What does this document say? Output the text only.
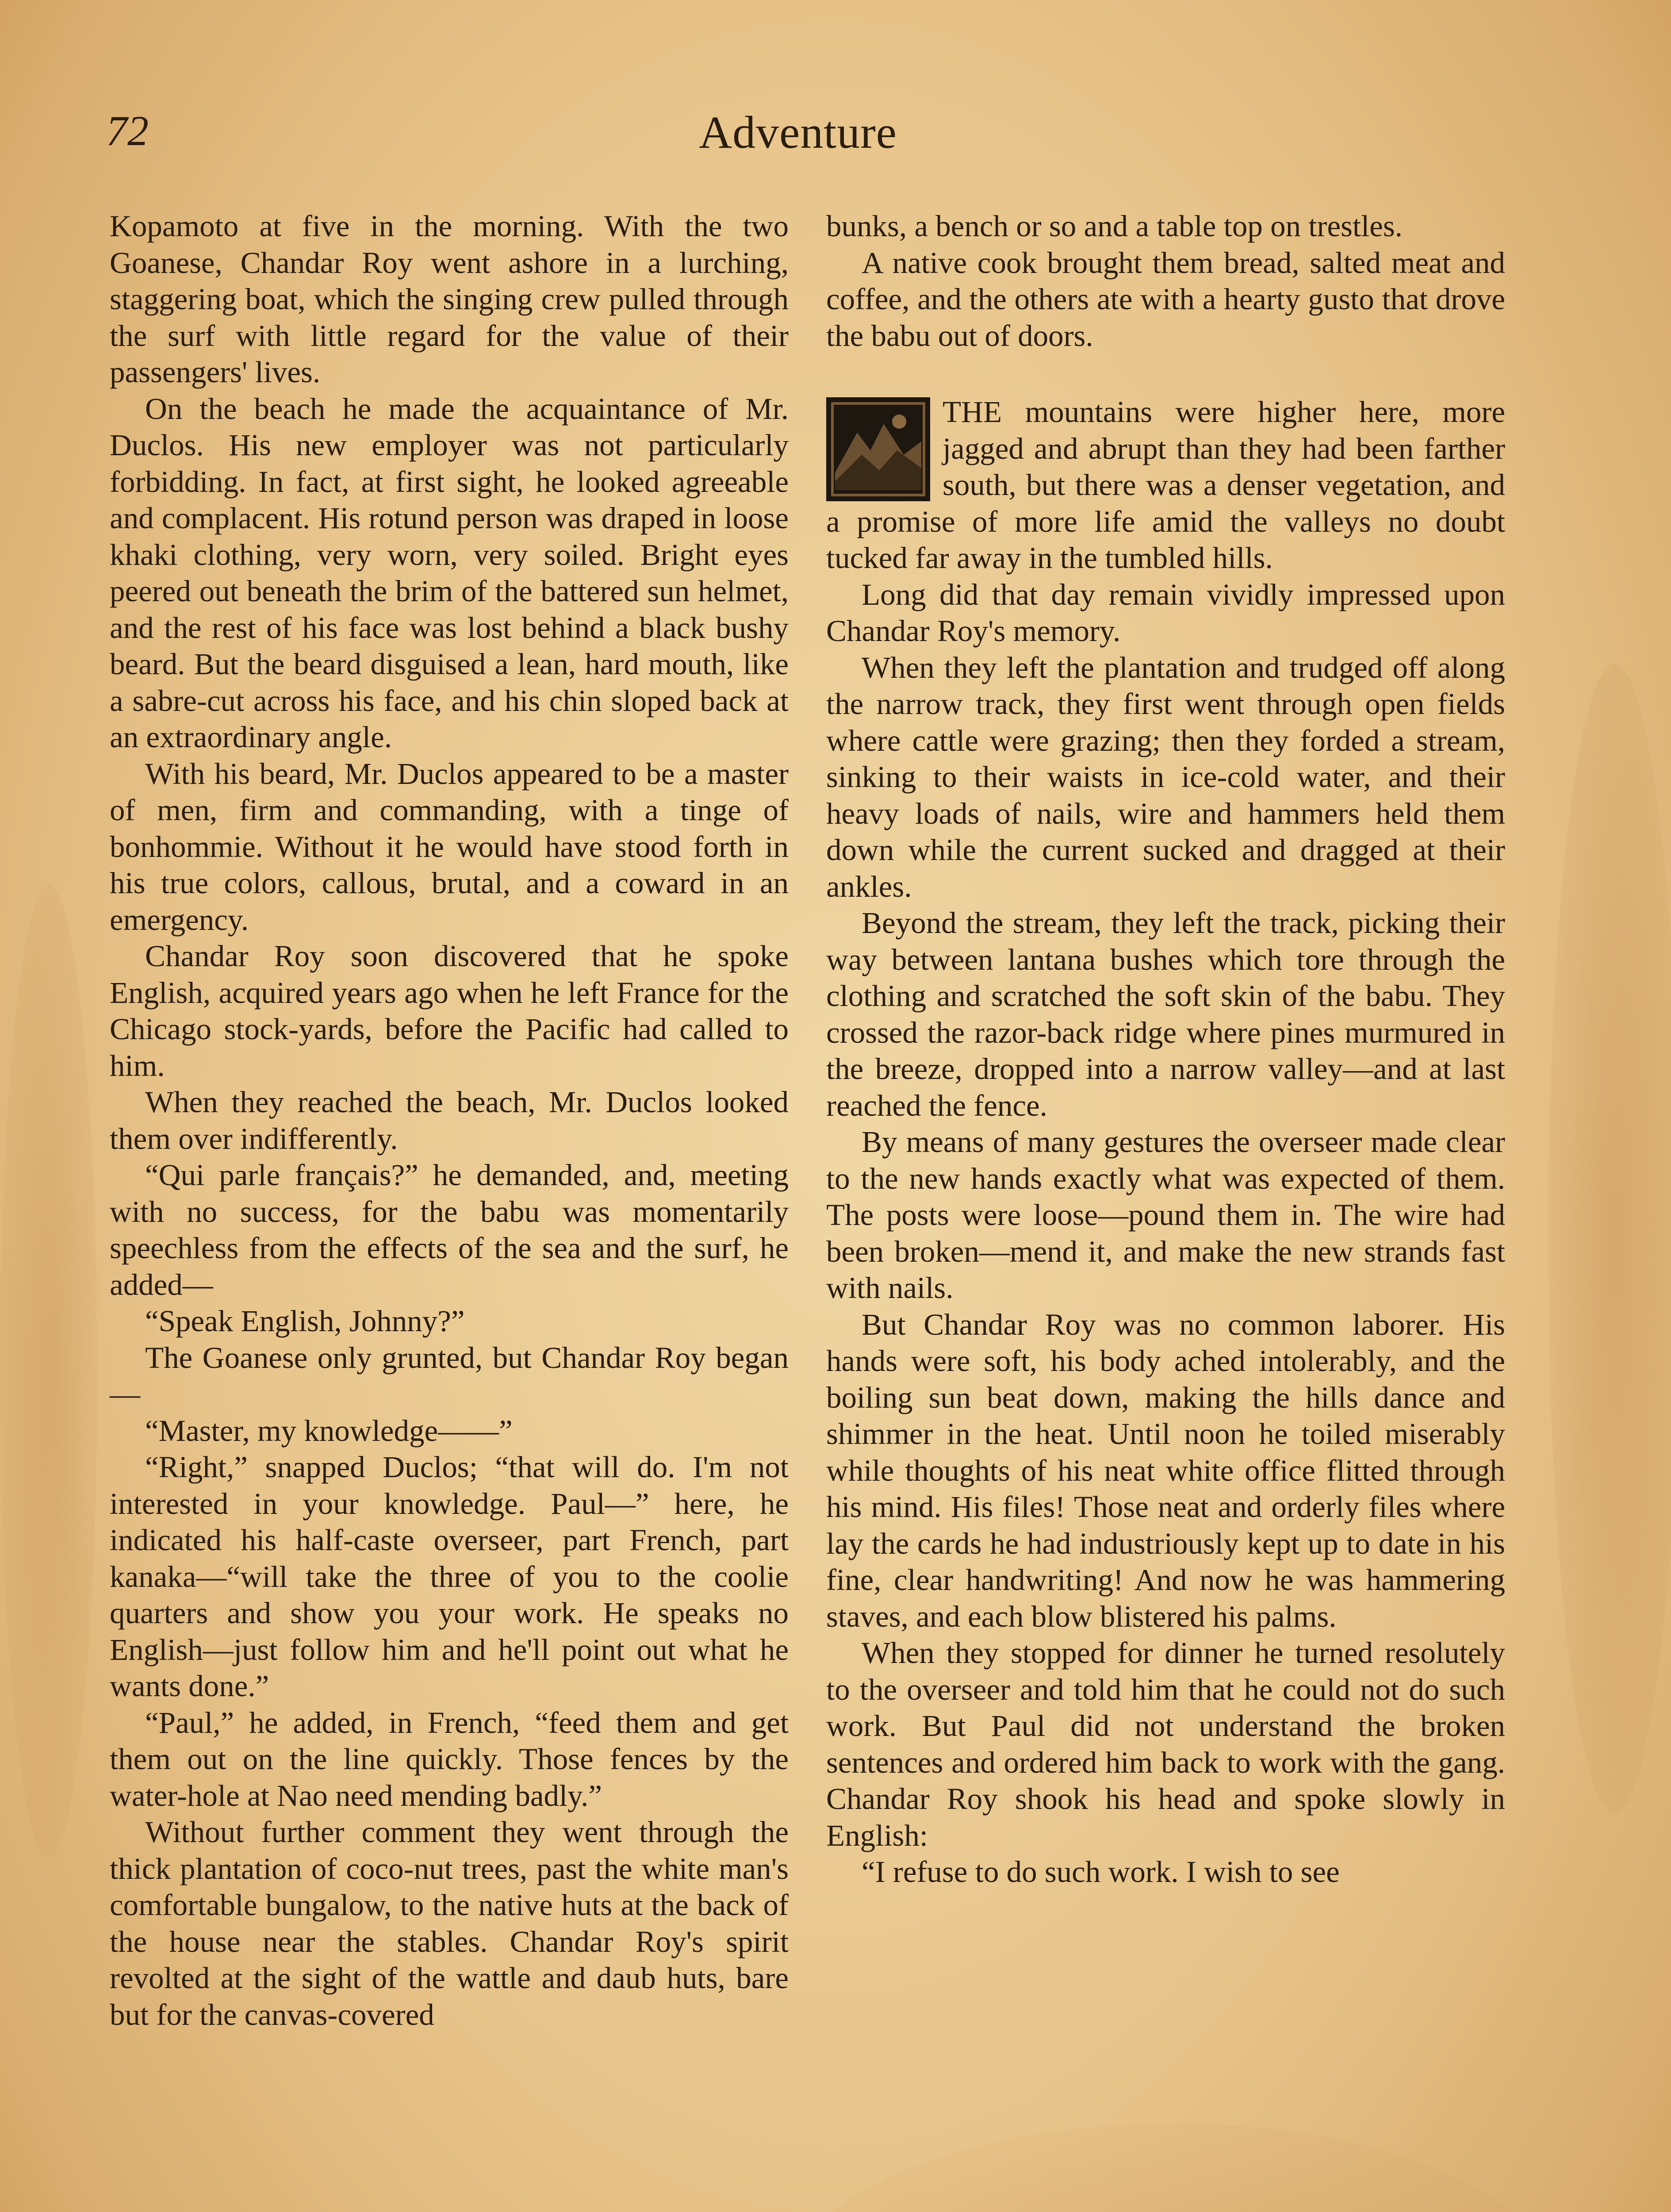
72	Adventure

Kopamoto at five in the morning. With the two Goanese, Chandar Roy went ashore in a lurching, staggering boat, which the singing crew pulled through the surf with little regard for the value of their passengers' lives.

On the beach he made the acquaintance of Mr. Duclos. His new employer was not particularly forbidding. In fact, at first sight, he looked agreeable and complacent. His rotund person was draped in loose khaki clothing, very worn, very soiled. Bright eyes peered out beneath the brim of the battered sun helmet, and the rest of his face was lost behind a black bushy beard. But the beard disguised a lean, hard mouth, like a sabre-cut across his face, and his chin sloped back at an extraordinary angle.

With his beard, Mr. Duclos appeared to be a master of men, firm and commanding, with a tinge of bonhommie. Without it he would have stood forth in his true colors, callous, brutal, and a coward in an emergency.

Chandar Roy soon discovered that he spoke English, acquired years ago when he left France for the Chicago stock-yards, before the Pacific had called to him.

When they reached the beach, Mr. Duclos looked them over indifferently.

“Qui parle français?” he demanded, and, meeting with no success, for the babu was momentarily speechless from the effects of the sea and the surf, he added—

“Speak English, Johnny?”

The Goanese only grunted, but Chandar Roy began—

“Master, my knowledge——”

“Right,” snapped Duclos; “that will do. I'm not interested in your knowledge. Paul—” here, he indicated his half-caste overseer, part French, part kanaka—“will take the three of you to the coolie quarters and show you your work. He speaks no English—just follow him and he'll point out what he wants done.”

“Paul,” he added, in French, “feed them and get them out on the line quickly. Those fences by the water-hole at Nao need mending badly.”

Without further comment they went through the thick plantation of coco-nut trees, past the white man's comfortable bungalow, to the native huts at the back of the house near the stables. Chandar Roy's spirit revolted at the sight of the wattle and daub huts, bare but for the canvas-covered

bunks, a bench or so and a table top on trestles.

A native cook brought them bread, salted meat and coffee, and the others ate with a hearty gusto that drove the babu out of doors.

THE mountains were higher here, more jagged and abrupt than they had been farther south, but there was a denser vegetation, and a promise of more life amid the valleys no doubt tucked far away in the tumbled hills.

Long did that day remain vividly impressed upon Chandar Roy's memory.

When they left the plantation and trudged off along the narrow track, they first went through open fields where cattle were grazing; then they forded a stream, sinking to their waists in ice-cold water, and their heavy loads of nails, wire and hammers held them down while the current sucked and dragged at their ankles.

Beyond the stream, they left the track, picking their way between lantana bushes which tore through the clothing and scratched the soft skin of the babu. They crossed the razor-back ridge where pines murmured in the breeze, dropped into a narrow valley—and at last reached the fence.

By means of many gestures the overseer made clear to the new hands exactly what was expected of them. The posts were loose—pound them in. The wire had been broken—mend it, and make the new strands fast with nails.

But Chandar Roy was no common laborer. His hands were soft, his body ached intolerably, and the boiling sun beat down, making the hills dance and shimmer in the heat. Until noon he toiled miserably while thoughts of his neat white office flitted through his mind. His files! Those neat and orderly files where lay the cards he had industriously kept up to date in his fine, clear handwriting! And now he was hammering staves, and each blow blistered his palms.

When they stopped for dinner he turned resolutely to the overseer and told him that he could not do such work. But Paul did not understand the broken sentences and ordered him back to work with the gang. Chandar Roy shook his head and spoke slowly in English:

“I refuse to do such work. I wish to see
